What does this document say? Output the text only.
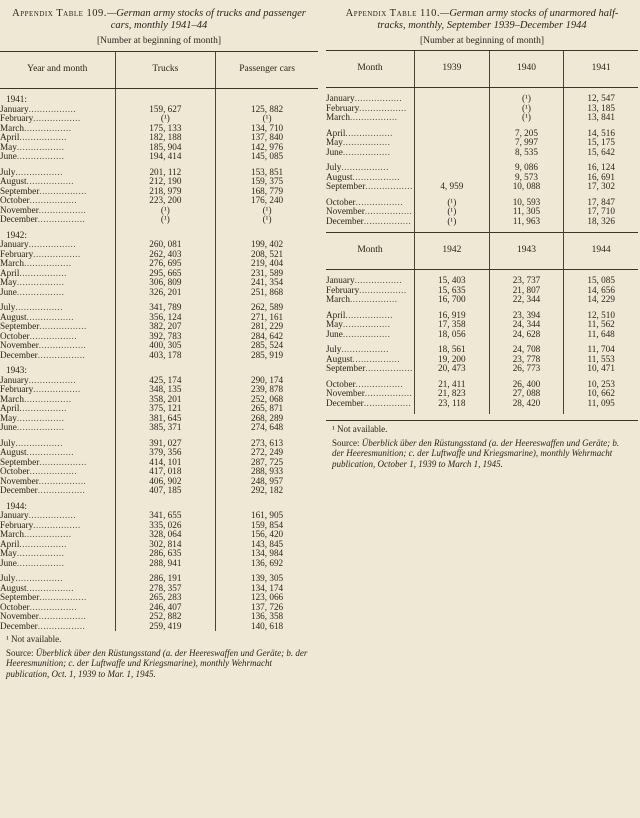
Appendix Table 109.—German army stocks of trucks and passenger cars, monthly 1941–44
[Number at beginning of month]
Year and month	Trucks	Passenger cars

1941:		
January.................	159, 627	125, 882
February.................	(¹)	(¹)
March.................	175, 133	134, 710
April.................	182, 188	137, 840
May.................	185, 904	142, 976
June.................	194, 414	145, 085

July.................	201, 112	153, 851
August.................	212, 190	159, 375
September.................	218, 979	168, 779
October.................	223, 200	176, 240
November.................	(¹)	(¹)
December.................	(¹)	(¹)

1942:		
January.................	260, 081	199, 402
February.................	262, 403	208, 521
March.................	276, 695	219, 404
April.................	295, 665	231, 589
May.................	306, 809	241, 354
June.................	326, 201	251, 868

July.................	341, 789	262, 589
August.................	356, 124	271, 161
September.................	382, 207	281, 229
October.................	392, 783	284, 642
November.................	400, 305	285, 524
December.................	403, 178	285, 919

1943:		
January.................	425, 174	290, 174
February.................	348, 135	239, 878
March.................	358, 201	252, 068
April.................	375, 121	265, 871
May.................	381, 645	268, 289
June.................	385, 371	274, 648

July.................	391, 027	273, 613
August.................	379, 356	272, 249
September.................	414, 101	287, 725
October.................	417, 018	288, 933
November.................	406, 902	248, 957
December.................	407, 185	292, 182

1944:		
January.................	341, 655	161, 905
February.................	335, 026	159, 854
March.................	328, 064	156, 420
April.................	302, 814	143, 845
May.................	286, 635	134, 984
June.................	288, 941	136, 692

July.................	286, 191	139, 305
August.................	278, 357	134, 174
September.................	265, 283	123, 066
October.................	246, 407	137, 726
November.................	252, 882	136, 358
December.................	259, 419	140, 618

¹ Not available.

Source: Überblick über den Rüstungsstand (a. der Heereswaffen und Geräte; b. der Heeresmunition; c. der Luftwaffe und Kriegsmarine), monthly Wehrmacht publication, Oct. 1, 1939 to Mar. 1, 1945.

Appendix Table 110.—German army stocks of unarmored half-tracks, monthly, September 1939–December 1944
[Number at beginning of month]
Month	1939	1940	1941

January.................		(¹)	12, 547
February.................		(¹)	13, 185
March.................		(¹)	13, 841

April.................		7, 205	14, 516
May.................		7, 997	15, 175
June.................		8, 535	15, 642

July.................		9, 086	16, 124
August.................		9, 573	16, 691
September.................	4, 959	10, 088	17, 302

October.................	(¹)	10, 593	17, 847
November.................	(¹)	11, 305	17, 710
December.................	(¹)	11, 963	18, 326

Month	1942	1943	1944

January.................	15, 403	23, 737	15, 085
February.................	15, 635	21, 807	14, 656
March.................	16, 700	22, 344	14, 229

April.................	16, 919	23, 394	12, 510
May.................	17, 358	24, 344	11, 562
June.................	18, 056	24, 628	11, 648

July.................	18, 561	24, 708	11, 704
August.................	19, 200	23, 778	11, 553
September.................	20, 473	26, 773	10, 471

October.................	21, 411	26, 400	10, 253
November.................	21, 823	27, 088	10, 662
December.................	23, 118	28, 420	11, 095

¹ Not available.

Source: Überblick über den Rüstungsstand (a. der Heereswaffen und Geräte; b. der Heeresmunition; c. der Luftwaffe und Kriegsmarine), monthly Wehrmacht publication, October 1, 1939 to March 1, 1945.
